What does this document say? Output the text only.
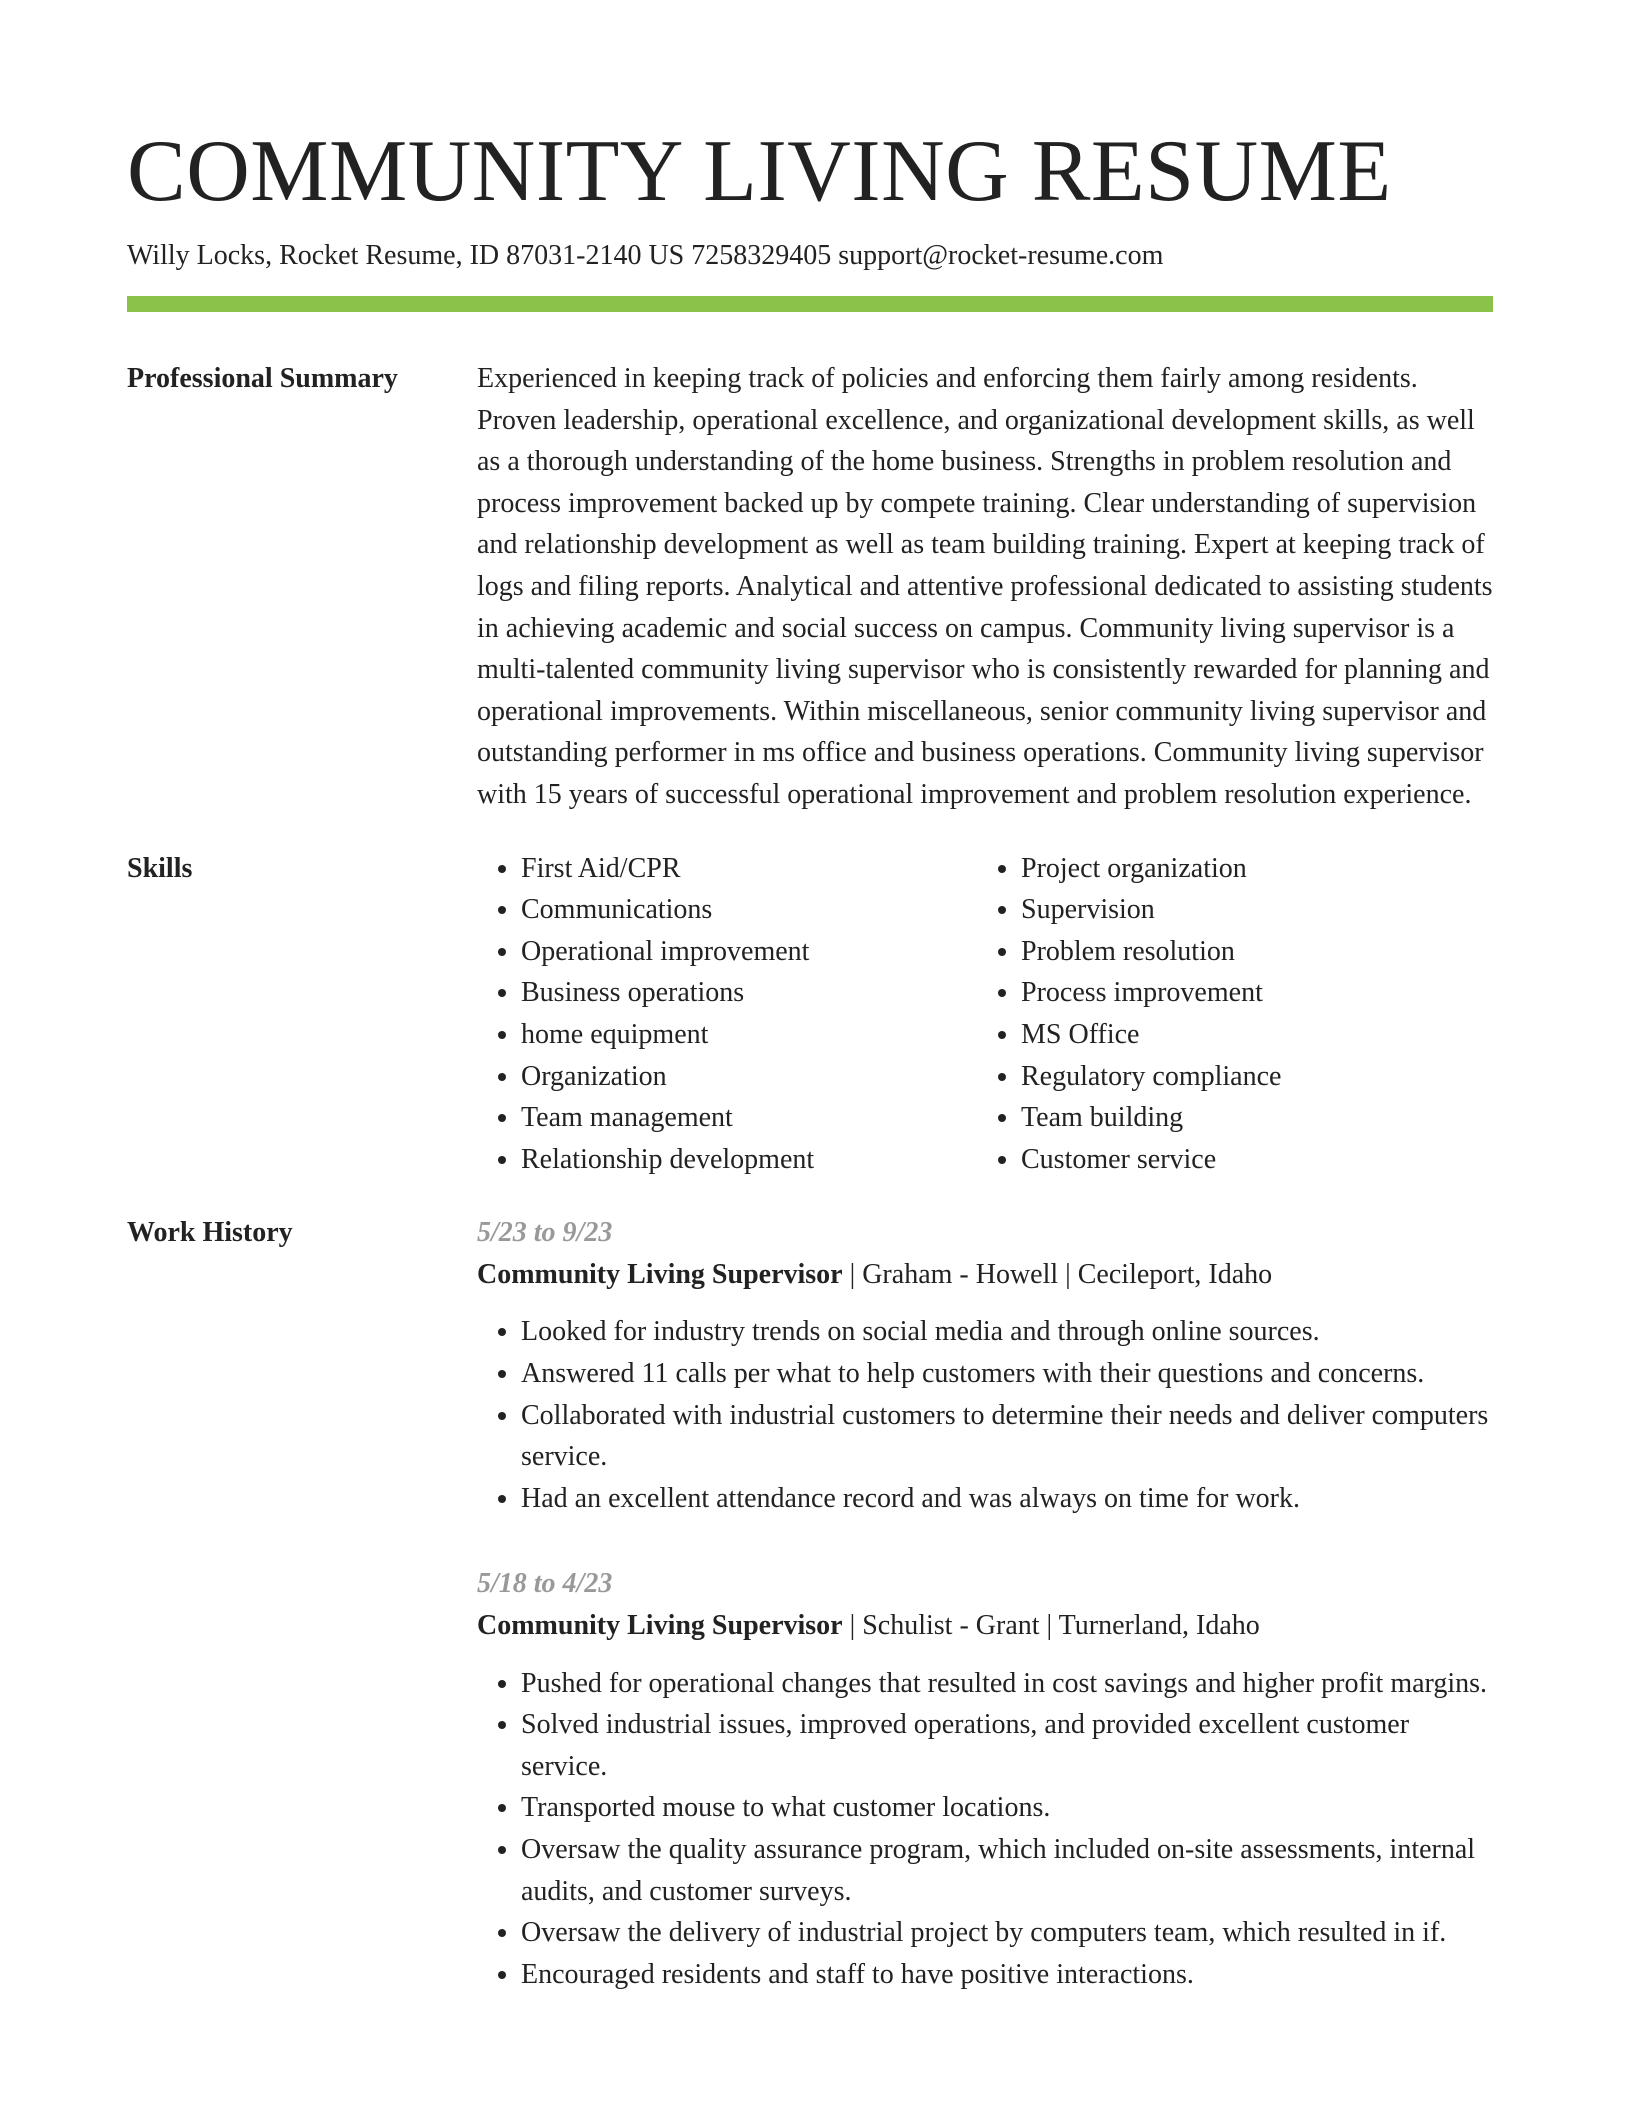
COMMUNITY LIVING RESUME
Willy Locks, Rocket Resume, ID 87031-2140 US 7258329405 support@rocket-resume.com
Professional Summary	Experienced in keeping track of policies and enforcing them fairly among residents. Proven leadership, operational excellence, and organizational development skills, as well as a thorough understanding of the home business. Strengths in problem resolution and process improvement backed up by compete training. Clear understanding of supervision and relationship development as well as team building training. Expert at keeping track of logs and filing reports. Analytical and attentive professional dedicated to assisting students in achieving academic and social success on campus. Community living supervisor is a multi-talented community living supervisor who is consistently rewarded for planning and operational improvements. Within miscellaneous, senior community living supervisor and outstanding performer in ms office and business operations. Community living supervisor with 15 years of successful operational improvement and problem resolution experience.

Skills
•	First Aid/CPR
• Communications
• Operational improvement
• Business operations
• home equipment
• Organization
• Team management
• Relationship development
• Project organization
• Supervision
• Problem resolution
• Process improvement
• MS Office
• Regulatory compliance
• Team building
• Customer service
Work History	5/23 to 9/23

Community Living Supervisor | Graham - Howell | Cecileport, Idaho

• Looked for industry trends on social media and through online sources.
• Answered 11 calls per what to help customers with their questions and concerns.
• Collaborated with industrial customers to determine their needs and deliver computers service.
• Had an excellent attendance record and was always on time for work.

5/18 to 4/23

Community Living Supervisor | Schulist - Grant | Turnerland, Idaho

• Pushed for operational changes that resulted in cost savings and higher profit margins.
• Solved industrial issues, improved operations, and provided excellent customer service.
• Transported mouse to what customer locations.
• Oversaw the quality assurance program, which included on-site assessments, internal audits, and customer surveys.
• Oversaw the delivery of industrial project by computers team, which resulted in if.
• Encouraged residents and staff to have positive interactions.
